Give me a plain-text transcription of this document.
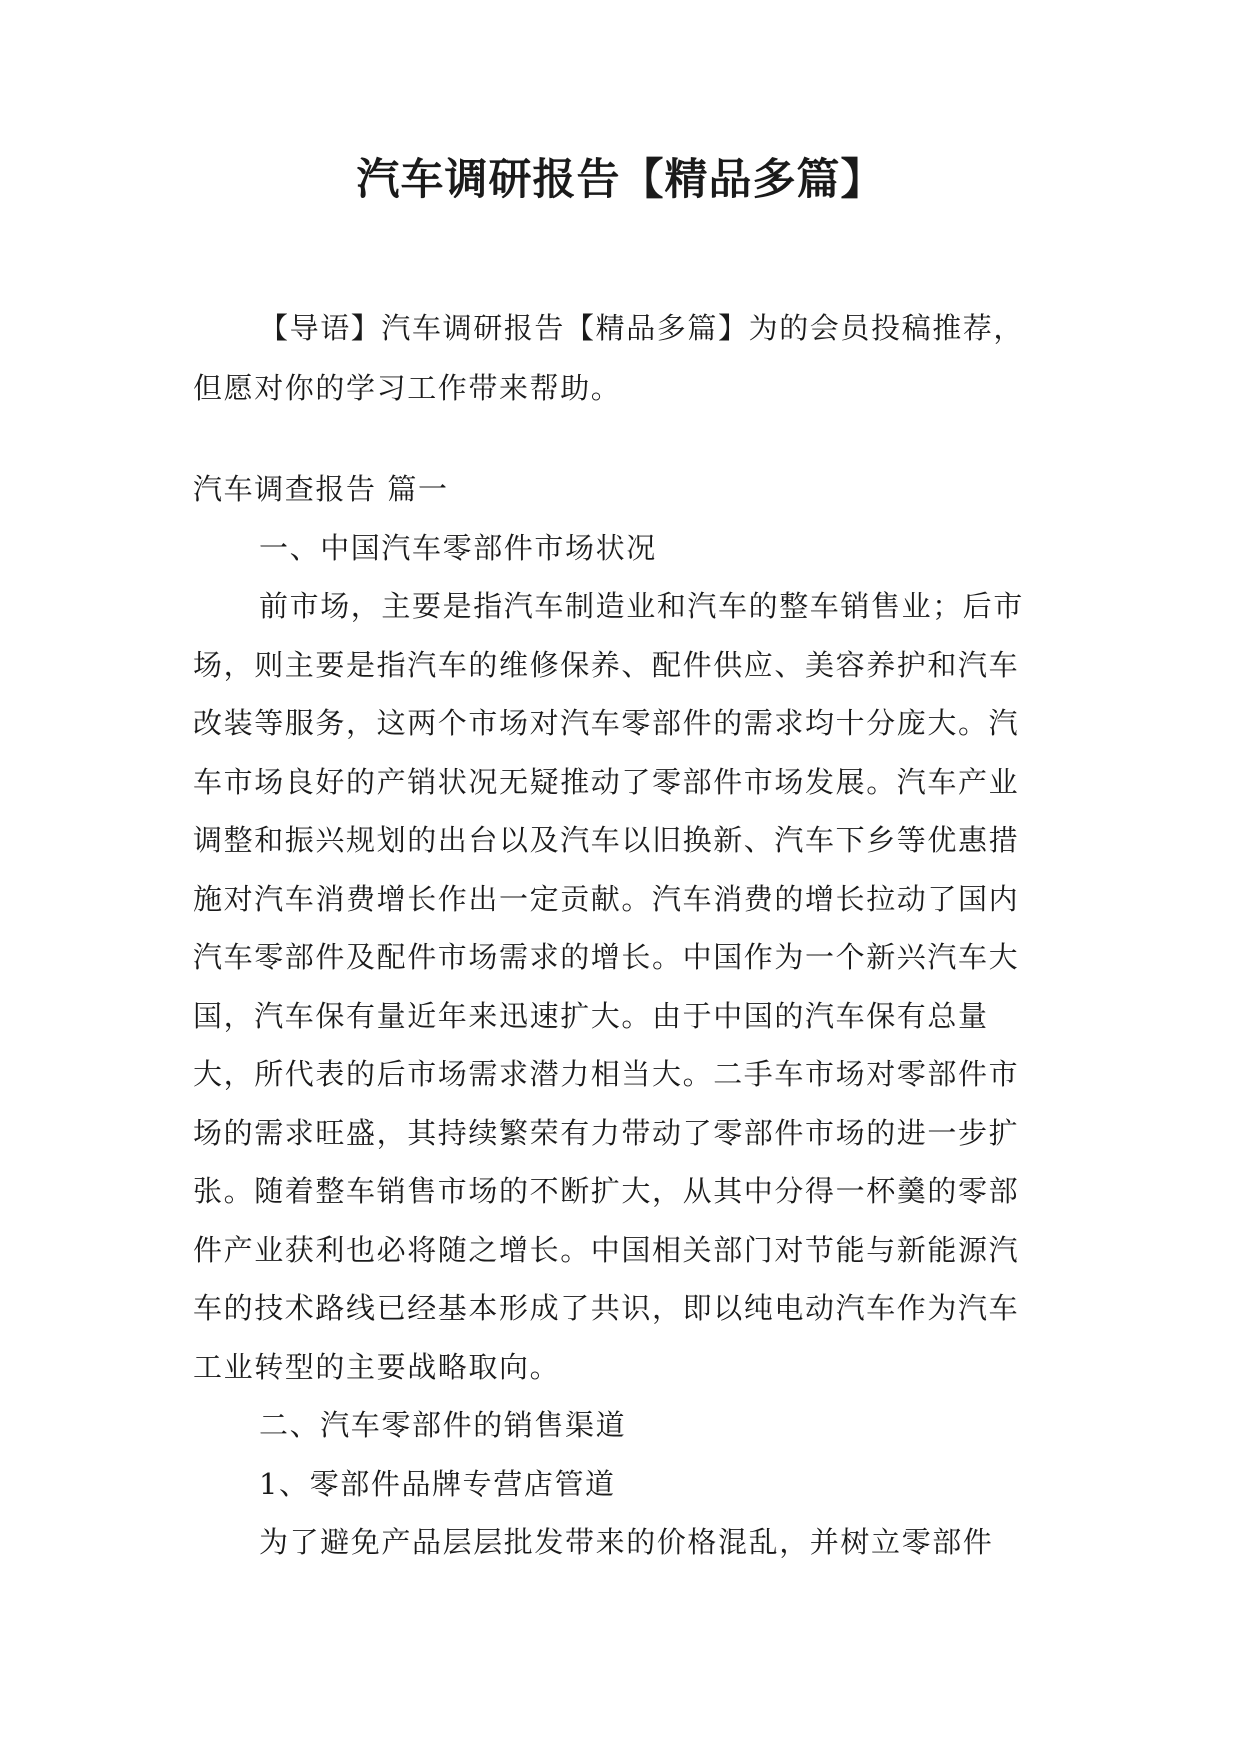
汽车调研报告【精品多篇】

【导语】汽车调研报告【精品多篇】为的会员投稿推荐，但愿对你的学习工作带来帮助。

汽车调查报告 篇一

一、中国汽车零部件市场状况

前市场，主要是指汽车制造业和汽车的整车销售业；后市场，则主要是指汽车的维修保养、配件供应、美容养护和汽车改装等服务，这两个市场对汽车零部件的需求均十分庞大。汽车市场良好的产销状况无疑推动了零部件市场发展。汽车产业调整和振兴规划的出台以及汽车以旧换新、汽车下乡等优惠措施对汽车消费增长作出一定贡献。汽车消费的增长拉动了国内汽车零部件及配件市场需求的增长。中国作为一个新兴汽车大国，汽车保有量近年来迅速扩大。由于中国的汽车保有总量大，所代表的后市场需求潜力相当大。二手车市场对零部件市场的需求旺盛，其持续繁荣有力带动了零部件市场的进一步扩张。随着整车销售市场的不断扩大，从其中分得一杯羹的零部件产业获利也必将随之增长。中国相关部门对节能与新能源汽车的技术路线已经基本形成了共识，即以纯电动汽车作为汽车工业转型的主要战略取向。

二、汽车零部件的销售渠道

1、零部件品牌专营店管道

为了避免产品层层批发带来的价格混乱，并树立零部件
